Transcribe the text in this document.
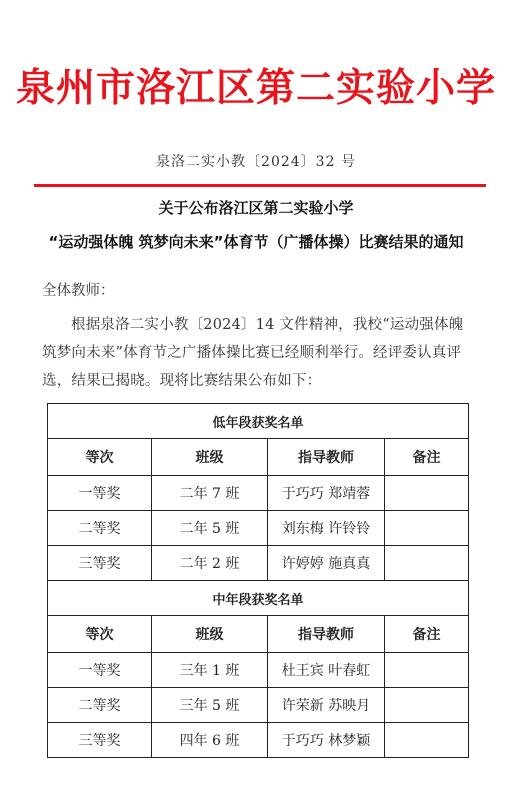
泉州市洛江区第二实验小学
泉洛二实小教〔2024〕32 号
关于公布洛江区第二实验小学
“运动强体魄 筑梦向未来”体育节（广播体操）比赛结果的通知
全体教师：
根据泉洛二实小教〔2024〕14 文件精神，我校“运动强体魄 筑梦向未来”体育节之广播体操比赛已经顺利举行。经评委认真评选，结果已揭晓。现将比赛结果公布如下：
低年段获奖名单			
等次	班级	指导教师	备注
一等奖	二年 7 班	于巧巧 郑靖蓉	
二等奖	二年 5 班	刘东梅 许铃铃	
三等奖	二年 2 班	许婷婷 施真真	
中年段获奖名单			
等次	班级	指导教师	备注
一等奖	三年 1 班	杜王宾 叶春虹	
二等奖	三年 5 班	许荣新 苏映月	
三等奖	四年 6 班	于巧巧 林梦颖	
